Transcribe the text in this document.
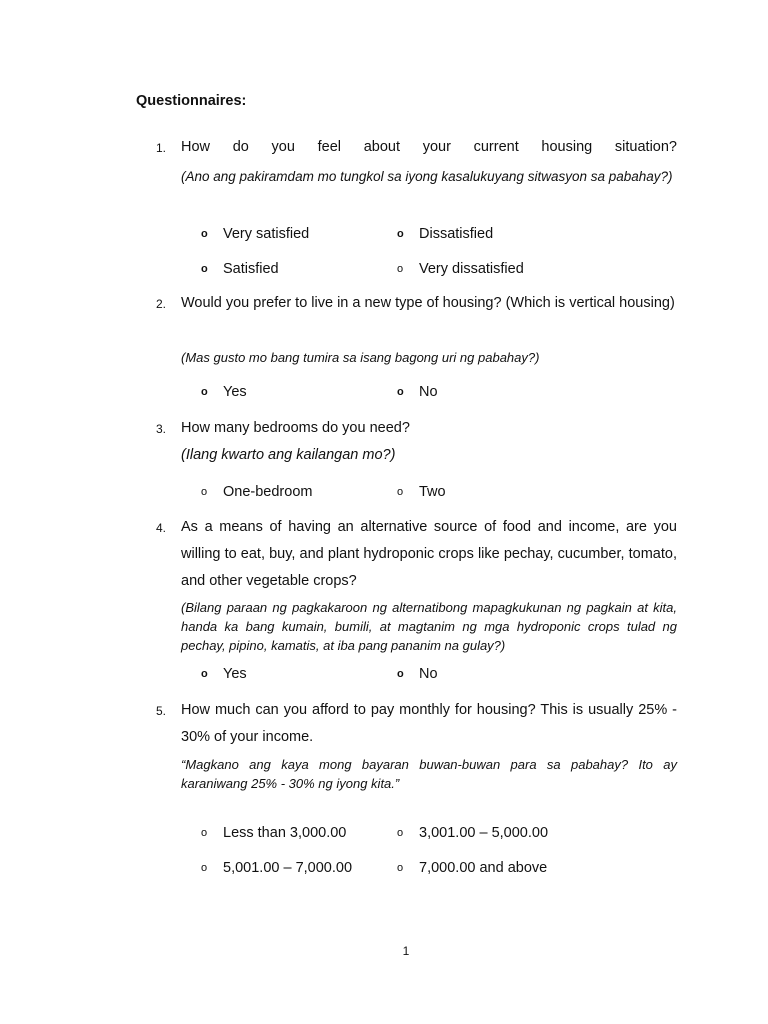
Questionnaires:
1.	How do you feel about your current housing situation?
(Ano ang pakiramdam mo tungkol sa iyong kasalukuyang sitwasyon sa pabahay?)
o Very satisfied	o Dissatisfied
o Satisfied	o Very dissatisfied
2.	Would you prefer to live in a new type of housing? (Which is vertical housing)
(Mas gusto mo bang tumira sa isang bagong uri ng pabahay?)
o Yes	o No
3.	How many bedrooms do you need?
(Ilang kwarto ang kailangan mo?)
o One-bedroom	o Two
4.	As a means of having an alternative source of food and income, are you willing to eat, buy, and plant hydroponic crops like pechay, cucumber, tomato, and other vegetable crops?
(Bilang paraan ng pagkakaroon ng alternatibong mapagkukunan ng pagkain at kita, handa ka bang kumain, bumili, at magtanim ng mga hydroponic crops tulad ng pechay, pipino, kamatis, at iba pang pananim na gulay?)
o Yes	o No
5.	How much can you afford to pay monthly for housing? This is usually 25% - 30% of your income.
“Magkano ang kaya mong bayaran buwan-buwan para sa pabahay? Ito ay karaniwang 25% - 30% ng iyong kita.”
o Less than 3,000.00	o 3,001.00 – 5,000.00
o 5,001.00 – 7,000.00	o 7,000.00 and above
1
